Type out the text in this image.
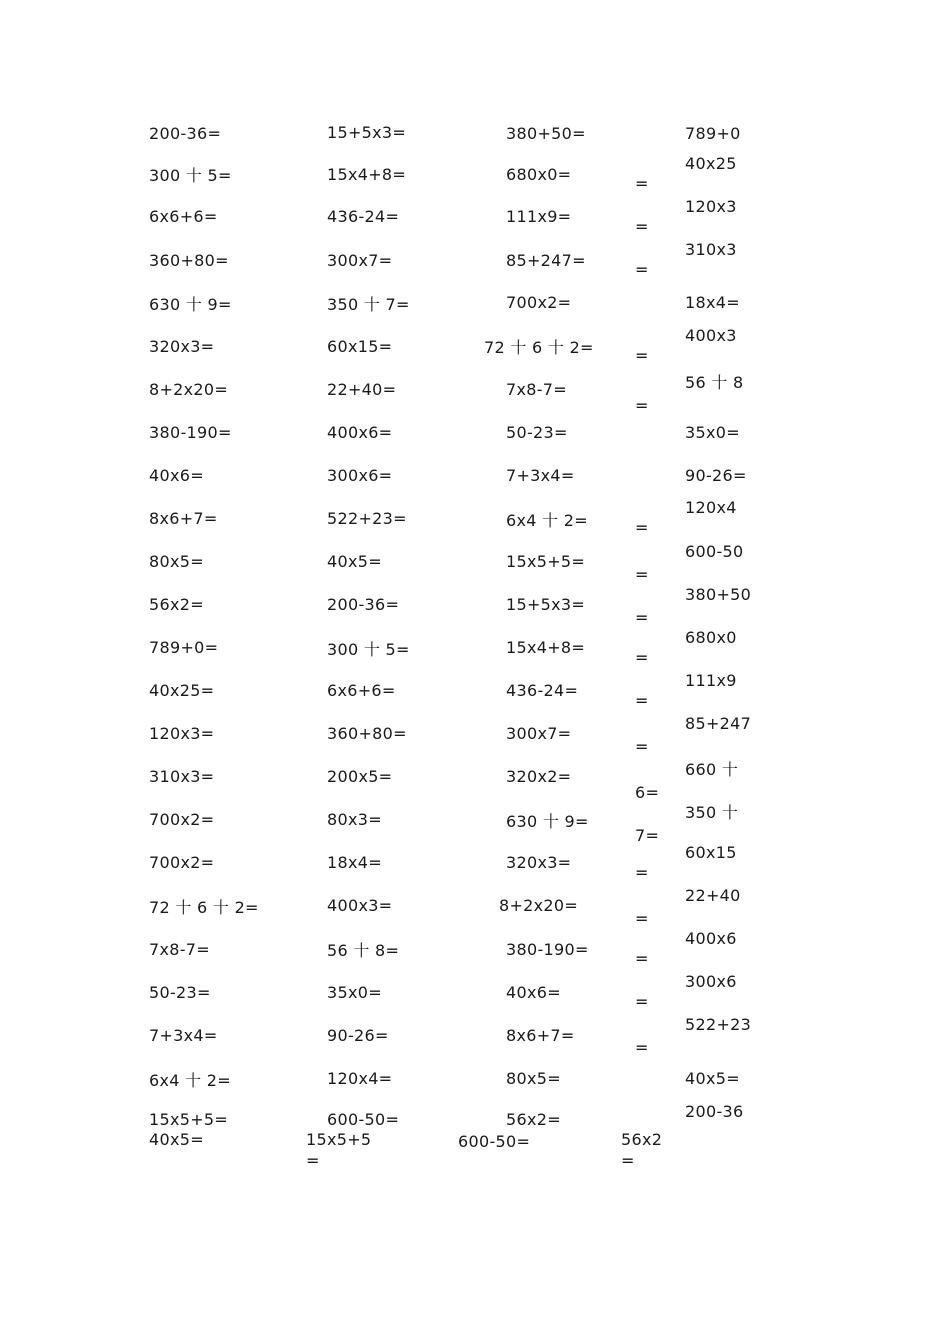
200-36=
300 十 5=
6x6+6=
360+80=
630 十 9=
320x3=
8+2x20=
380-190=
40x6=
8x6+7=
80x5=
56x2=
789+0=
40x25=
120x3=
310x3=
700x2=
700x2=
72 十 6 十 2=
7x8-7=
50-23=
7+3x4=
6x4 十 2=
15x5+5=
15+5x3=
15x4+8=
436-24=
300x7=
350 十 7=
60x15=
22+40=
400x6=
300x6=
522+23=
40x5=
200-36=
300 十 5=
6x6+6=
360+80=
200x5=
80x3=
18x4=
400x3=
56 十 8=
35x0=
90-26=
120x4=
600-50=
380+50=
680x0=
111x9=
85+247=
700x2=
72 十 6 十 2=
7x8-7=
50-23=
7+3x4=
6x4 十 2=
15x5+5=
15+5x3=
15x4+8=
436-24=
300x7=
320x2=
630 十 9=
320x3=
8+2x20=
380-190=
40x6=
8x6+7=
80x5=
56x2=
=
=
=
=
=
=
=
=
=
=
=
6=
7=
=
=
=
=
=
789+0
40x25
120x3
310x3
18x4=
400x3
56 十 8
35x0=
90-26=
120x4
600-50
380+50
680x0
111x9
85+247
660 十
350 十
60x15
22+40
400x6
300x6
522+23
40x5=
200-36
40x5=	15x5+5
=
600-50=	56x2
=
